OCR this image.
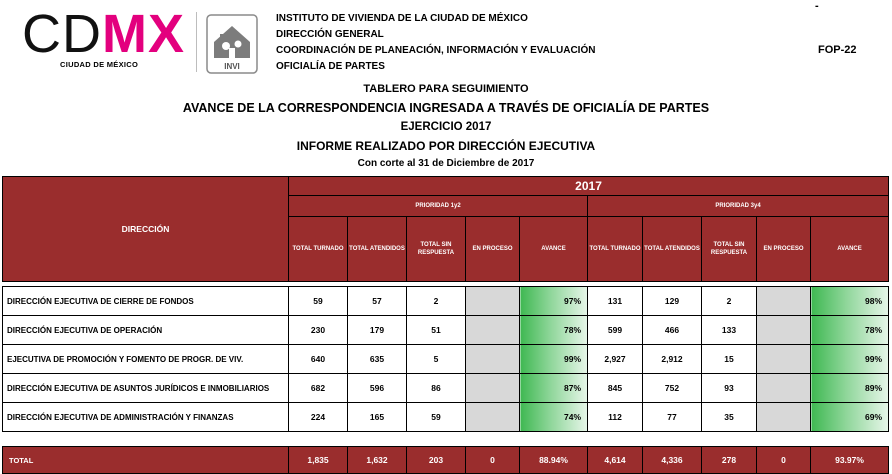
CDMX
CIUDAD DE MÉXICO	INVI
INSTITUTO DE VIVIENDA DE LA CIUDAD DE MÉXICO
DIRECCIÓN GENERAL
COORDINACIÓN DE PLANEACIÓN, INFORMACIÓN Y EVALUACIÓN
OFICIALÍA DE PARTES
-
FOP-22
TABLERO PARA SEGUIMIENTO
AVANCE DE LA CORRESPONDENCIA INGRESADA A TRAVÉS DE OFICIALÍA DE PARTES
EJERCICIO 2017
INFORME REALIZADO POR DIRECCIÓN EJECUTIVA
Con corte al 31 de Diciembre de 2017
DIRECCIÓN	2017									
	PRIORIDAD 1y2					PRIORIDAD 3y4				
	TOTAL TURNADO	TOTAL ATENDIDOS	TOTAL SIN RESPUESTA	EN PROCESO	AVANCE	TOTAL TURNADO	TOTAL ATENDIDOS	TOTAL SIN RESPUESTA	EN PROCESO	AVANCE

DIRECCIÓN EJECUTIVA DE CIERRE DE FONDOS	59	57	2		97%	131	129	2		98%
DIRECCIÓN EJECUTIVA DE OPERACIÓN	230	179	51		78%	599	466	133		78%
EJECUTIVA DE PROMOCIÓN Y FOMENTO DE PROGR. DE VIV.	640	635	5		99%	2,927	2,912	15		99%
DIRECCIÓN EJECUTIVA DE ASUNTOS JURÍDICOS E INMOBILIARIOS	682	596	86		87%	845	752	93		89%
DIRECCIÓN EJECUTIVA DE ADMINISTRACIÓN Y FINANZAS	224	165	59		74%	112	77	35		69%

TOTAL	1,835	1,632	203	0	88.94%	4,614	4,336	278	0	93.97%
